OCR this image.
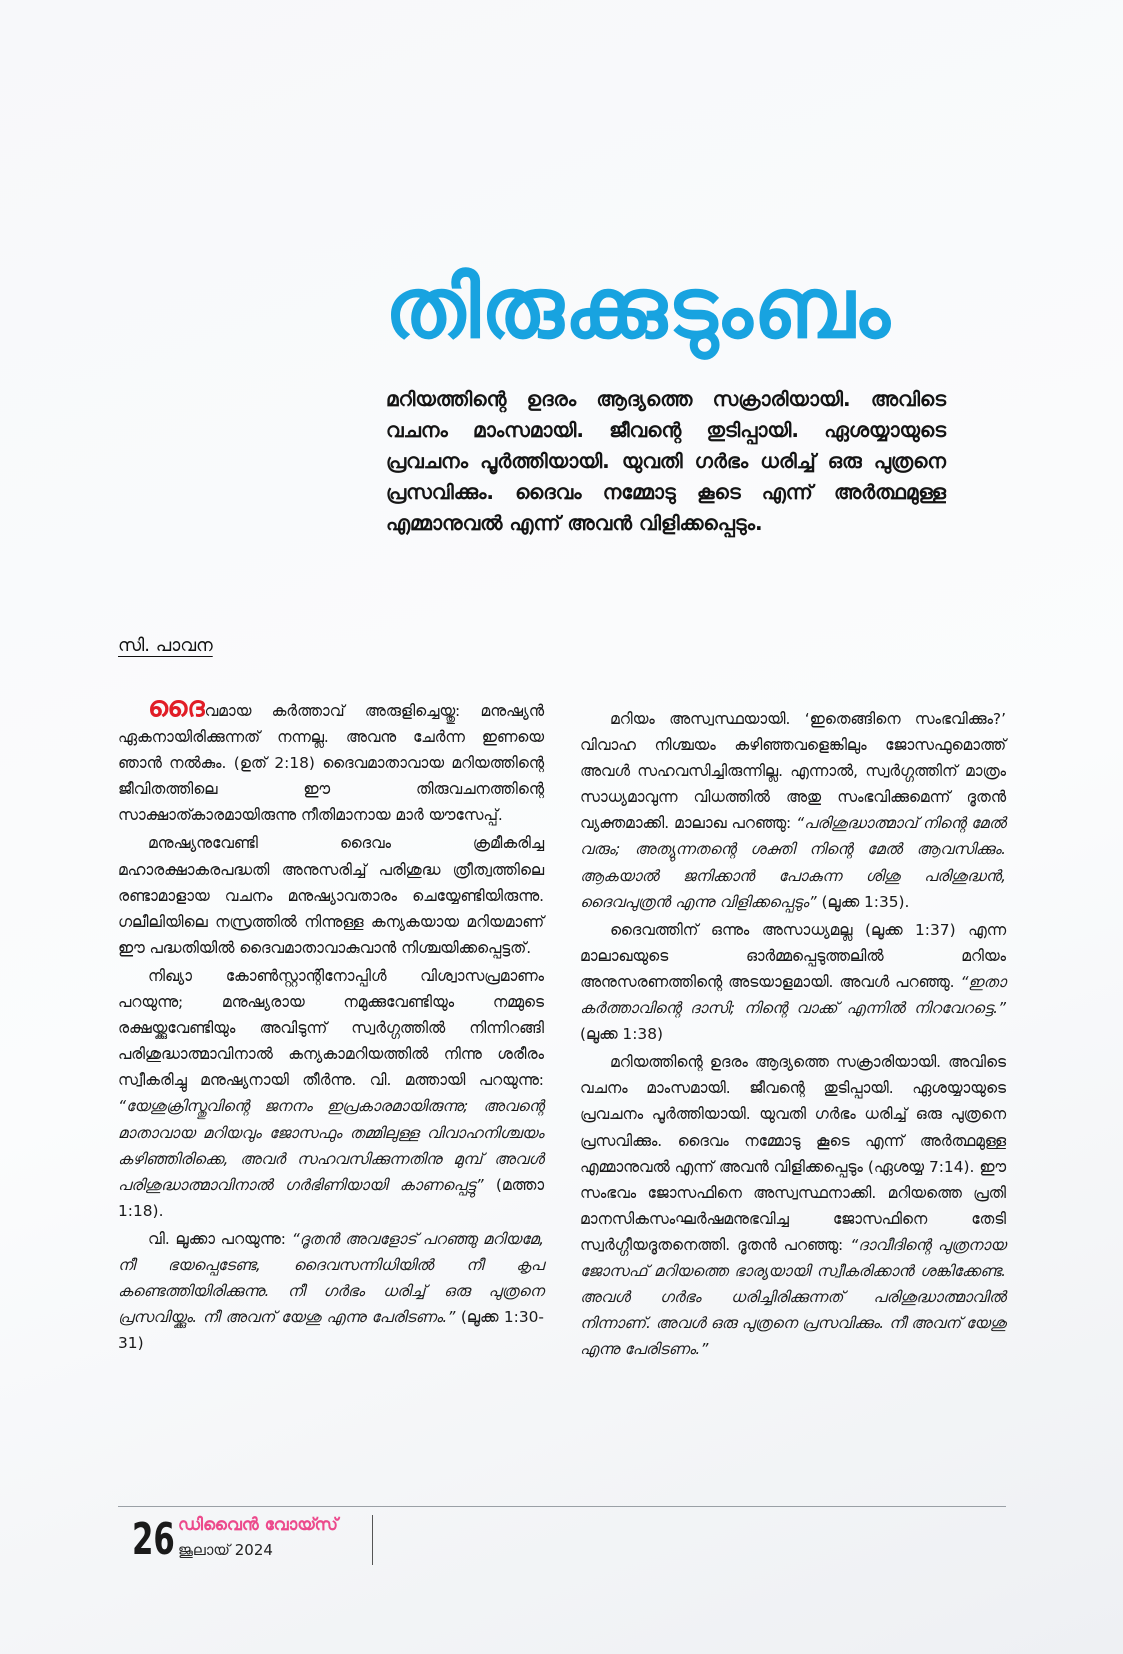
തിരുക്കുടുംബം
മറിയത്തിന്റെ ഉദരം ആദ്യത്തെ സക്രാരിയായി. അവിടെ വചനം മാംസമായി. ജീവന്റെ തുടിപ്പായി. ഏശയ്യായുടെ പ്രവചനം പൂർത്തിയായി. യുവതി ഗർഭം ധരിച്ച് ഒരു പുത്രനെ പ്രസവിക്കും. ദൈവം നമ്മോടു കൂടെ എന്ന് അർത്ഥമുള്ള എമ്മാനുവൽ എന്ന് അവൻ വിളിക്കപ്പെടും.
സി. പാവന

ദൈവമായ കർത്താവ് അരുളിച്ചെയ്തു: മനുഷ്യൻ ഏകനായിരിക്കുന്നത് നന്നല്ല. അവനു ചേർന്ന ഇണയെ ഞാൻ നൽകും. (ഉത് 2:18) ദൈവമാതാവായ മറിയത്തിന്റെ ജീവിതത്തിലെ ഈ തിരുവചനത്തിന്റെ സാക്ഷാത്കാരമായിരുന്നു നീതിമാനായ മാർ യൗസേപ്പ്.

മനുഷ്യനുവേണ്ടി ദൈവം ക്രമീകരിച്ച മഹാരക്ഷാകരപദ്ധതി അനുസരിച്ച് പരിശുദ്ധ ത്രീത്വത്തിലെ രണ്ടാമാളായ വചനം മനുഷ്യാവതാരം ചെയ്യേണ്ടിയിരുന്നു. ഗലീലിയിലെ നസ്രത്തിൽ നിന്നുള്ള കന്യകയായ മറിയമാണ് ഈ പദ്ധതിയിൽ ദൈവമാതാവാകുവാൻ നിശ്ചയിക്കപ്പെട്ടത്.

നിഖ്യാ കോൺസ്റ്റാന്റിനോപ്പിൾ വിശ്വാസപ്രമാണം പറയുന്നു; മനുഷ്യരായ നമുക്കുവേണ്ടിയും നമ്മുടെ രക്ഷയ്ക്കുവേണ്ടിയും അവിടുന്ന് സ്വർഗ്ഗത്തിൽ നിന്നിറങ്ങി പരിശുദ്ധാത്മാവിനാൽ കന്യകാമറിയത്തിൽ നിന്നു ശരീരം സ്വീകരിച്ചു മനുഷ്യനായി തീർന്നു. വി. മത്തായി പറയുന്നു: “യേശുക്രിസ്തുവിന്റെ ജനനം ഇപ്രകാരമായിരുന്നു; അവന്റെ മാതാവായ മറിയവും ജോസഫും തമ്മിലുള്ള വിവാഹനിശ്ചയം കഴിഞ്ഞിരിക്കെ, അവർ സഹവസിക്കുന്നതിനു മുമ്പ് അവൾ പരിശുദ്ധാത്മാവിനാൽ ഗർഭിണിയായി കാണപ്പെട്ടു” (മത്താ 1:18).

വി. ലൂക്കാ പറയുന്നു: “ദൂതൻ അവളോട് പറഞ്ഞു മറിയമേ, നീ ഭയപ്പെടേണ്ട, ദൈവസന്നിധിയിൽ നീ കൃപ കണ്ടെത്തിയിരിക്കുന്നു. നീ ഗർഭം ധരിച്ച് ഒരു പുത്രനെ പ്രസവിയ്ക്കും. നീ അവന് യേശു എന്നു പേരിടണം.” (ലൂക്ക 1:30-31)

മറിയം അസ്വസ്ഥയായി. ‘ഇതെങ്ങിനെ സംഭവിക്കും?’ വിവാഹ നിശ്ചയം കഴിഞ്ഞവളെങ്കിലും ജോസഫുമൊത്ത് അവൾ സഹവസിച്ചിരുന്നില്ല. എന്നാൽ, സ്വർഗ്ഗത്തിന് മാത്രം സാധ്യമാവുന്ന വിധത്തിൽ അതു സംഭവിക്കുമെന്ന് ദൂതൻ വ്യക്തമാക്കി. മാലാഖ പറഞ്ഞു: “പരിശുദ്ധാത്മാവ് നിന്റെ മേൽ വരും; അത്യുന്നതന്റെ ശക്തി നിന്റെ മേൽ ആവസിക്കും. ആകയാൽ ജനിക്കാൻ പോകുന്ന ശിശു പരിശുദ്ധൻ, ദൈവപുത്രൻ എന്നു വിളിക്കപ്പെടും” (ലൂക്ക 1:35).

ദൈവത്തിന് ഒന്നും അസാധ്യമല്ല (ലൂക്ക 1:37) എന്ന മാലാഖയുടെ ഓർമ്മപ്പെടുത്തലിൽ മറിയം അനുസരണത്തിന്റെ അടയാളമായി. അവൾ പറഞ്ഞു. “ഇതാ കർത്താവിന്റെ ദാസി; നിന്റെ വാക്ക് എന്നിൽ നിറവേറട്ടെ.” (ലൂക്ക 1:38)

മറിയത്തിന്റെ ഉദരം ആദ്യത്തെ സക്രാരിയായി. അവിടെ വചനം മാംസമായി. ജീവന്റെ തുടിപ്പായി. ഏശയ്യായുടെ പ്രവചനം പൂർത്തിയായി. യുവതി ഗർഭം ധരിച്ച് ഒരു പുത്രനെ പ്രസവിക്കും. ദൈവം നമ്മോടു കൂടെ എന്ന് അർത്ഥമുള്ള എമ്മാനുവൽ എന്ന് അവൻ വിളിക്കപ്പെടും (ഏശയ്യ 7:14). ഈ സംഭവം ജോസഫിനെ അസ്വസ്ഥനാക്കി. മറിയത്തെ പ്രതി മാനസികസംഘർഷമനുഭവിച്ച ജോസഫിനെ തേടി സ്വർഗ്ഗീയദൂതനെത്തി. ദൂതൻ പറഞ്ഞു: “ദാവീദിന്റെ പുത്രനായ ജോസഫ് മറിയത്തെ ഭാര്യയായി സ്വീകരിക്കാൻ ശങ്കിക്കേണ്ട. അവൾ ഗർഭം ധരിച്ചിരിക്കുന്നത് പരിശുദ്ധാത്മാവിൽ നിന്നാണ്. അവൾ ഒരു പുത്രനെ പ്രസവിക്കും. നീ അവന് യേശു എന്നു പേരിടണം.”

26 ഡിവൈൻ വോയ്സ്
ജൂലായ് 2024
